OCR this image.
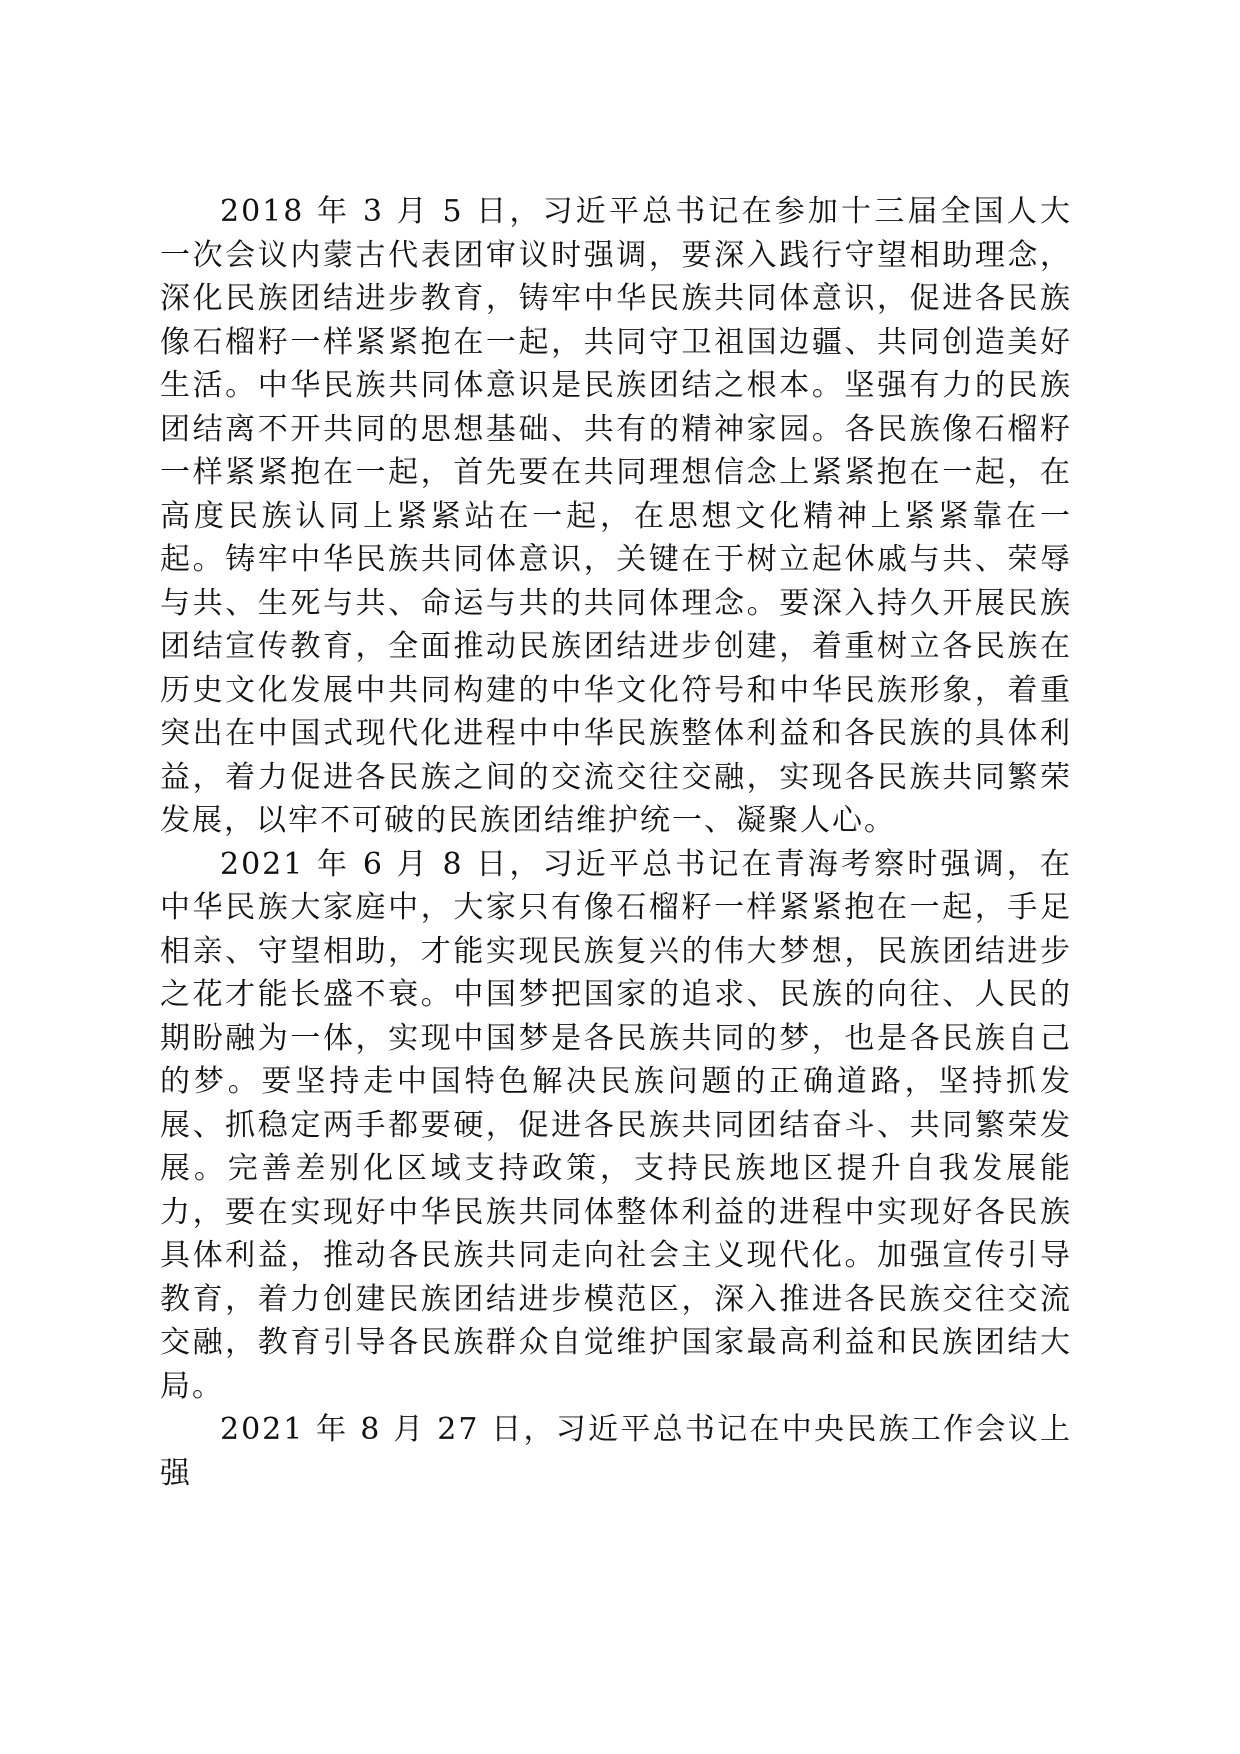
2018 年 3 月 5 日，习近平总书记在参加十三届全国人大一次会议内蒙古代表团审议时强调，要深入践行守望相助理念，深化民族团结进步教育，铸牢中华民族共同体意识，促进各民族像石榴籽一样紧紧抱在一起，共同守卫祖国边疆、共同创造美好生活。中华民族共同体意识是民族团结之根本。坚强有力的民族团结离不开共同的思想基础、共有的精神家园。各民族像石榴籽一样紧紧抱在一起，首先要在共同理想信念上紧紧抱在一起，在高度民族认同上紧紧站在一起，在思想文化精神上紧紧靠在一起。铸牢中华民族共同体意识，关键在于树立起休戚与共、荣辱与共、生死与共、命运与共的共同体理念。要深入持久开展民族团结宣传教育，全面推动民族团结进步创建，着重树立各民族在历史文化发展中共同构建的中华文化符号和中华民族形象，着重突出在中国式现代化进程中中华民族整体利益和各民族的具体利益，着力促进各民族之间的交流交往交融，实现各民族共同繁荣发展，以牢不可破的民族团结维护统一、凝聚人心。

2021 年 6 月 8 日，习近平总书记在青海考察时强调，在中华民族大家庭中，大家只有像石榴籽一样紧紧抱在一起，手足相亲、守望相助，才能实现民族复兴的伟大梦想，民族团结进步之花才能长盛不衰。中国梦把国家的追求、民族的向往、人民的期盼融为一体，实现中国梦是各民族共同的梦，也是各民族自己的梦。要坚持走中国特色解决民族问题的正确道路，坚持抓发展、抓稳定两手都要硬，促进各民族共同团结奋斗、共同繁荣发展。完善差别化区域支持政策，支持民族地区提升自我发展能力，要在实现好中华民族共同体整体利益的进程中实现好各民族具体利益，推动各民族共同走向社会主义现代化。加强宣传引导教育，着力创建民族团结进步模范区，深入推进各民族交往交流交融，教育引导各民族群众自觉维护国家最高利益和民族团结大局。

2021 年 8 月 27 日，习近平总书记在中央民族工作会议上强
